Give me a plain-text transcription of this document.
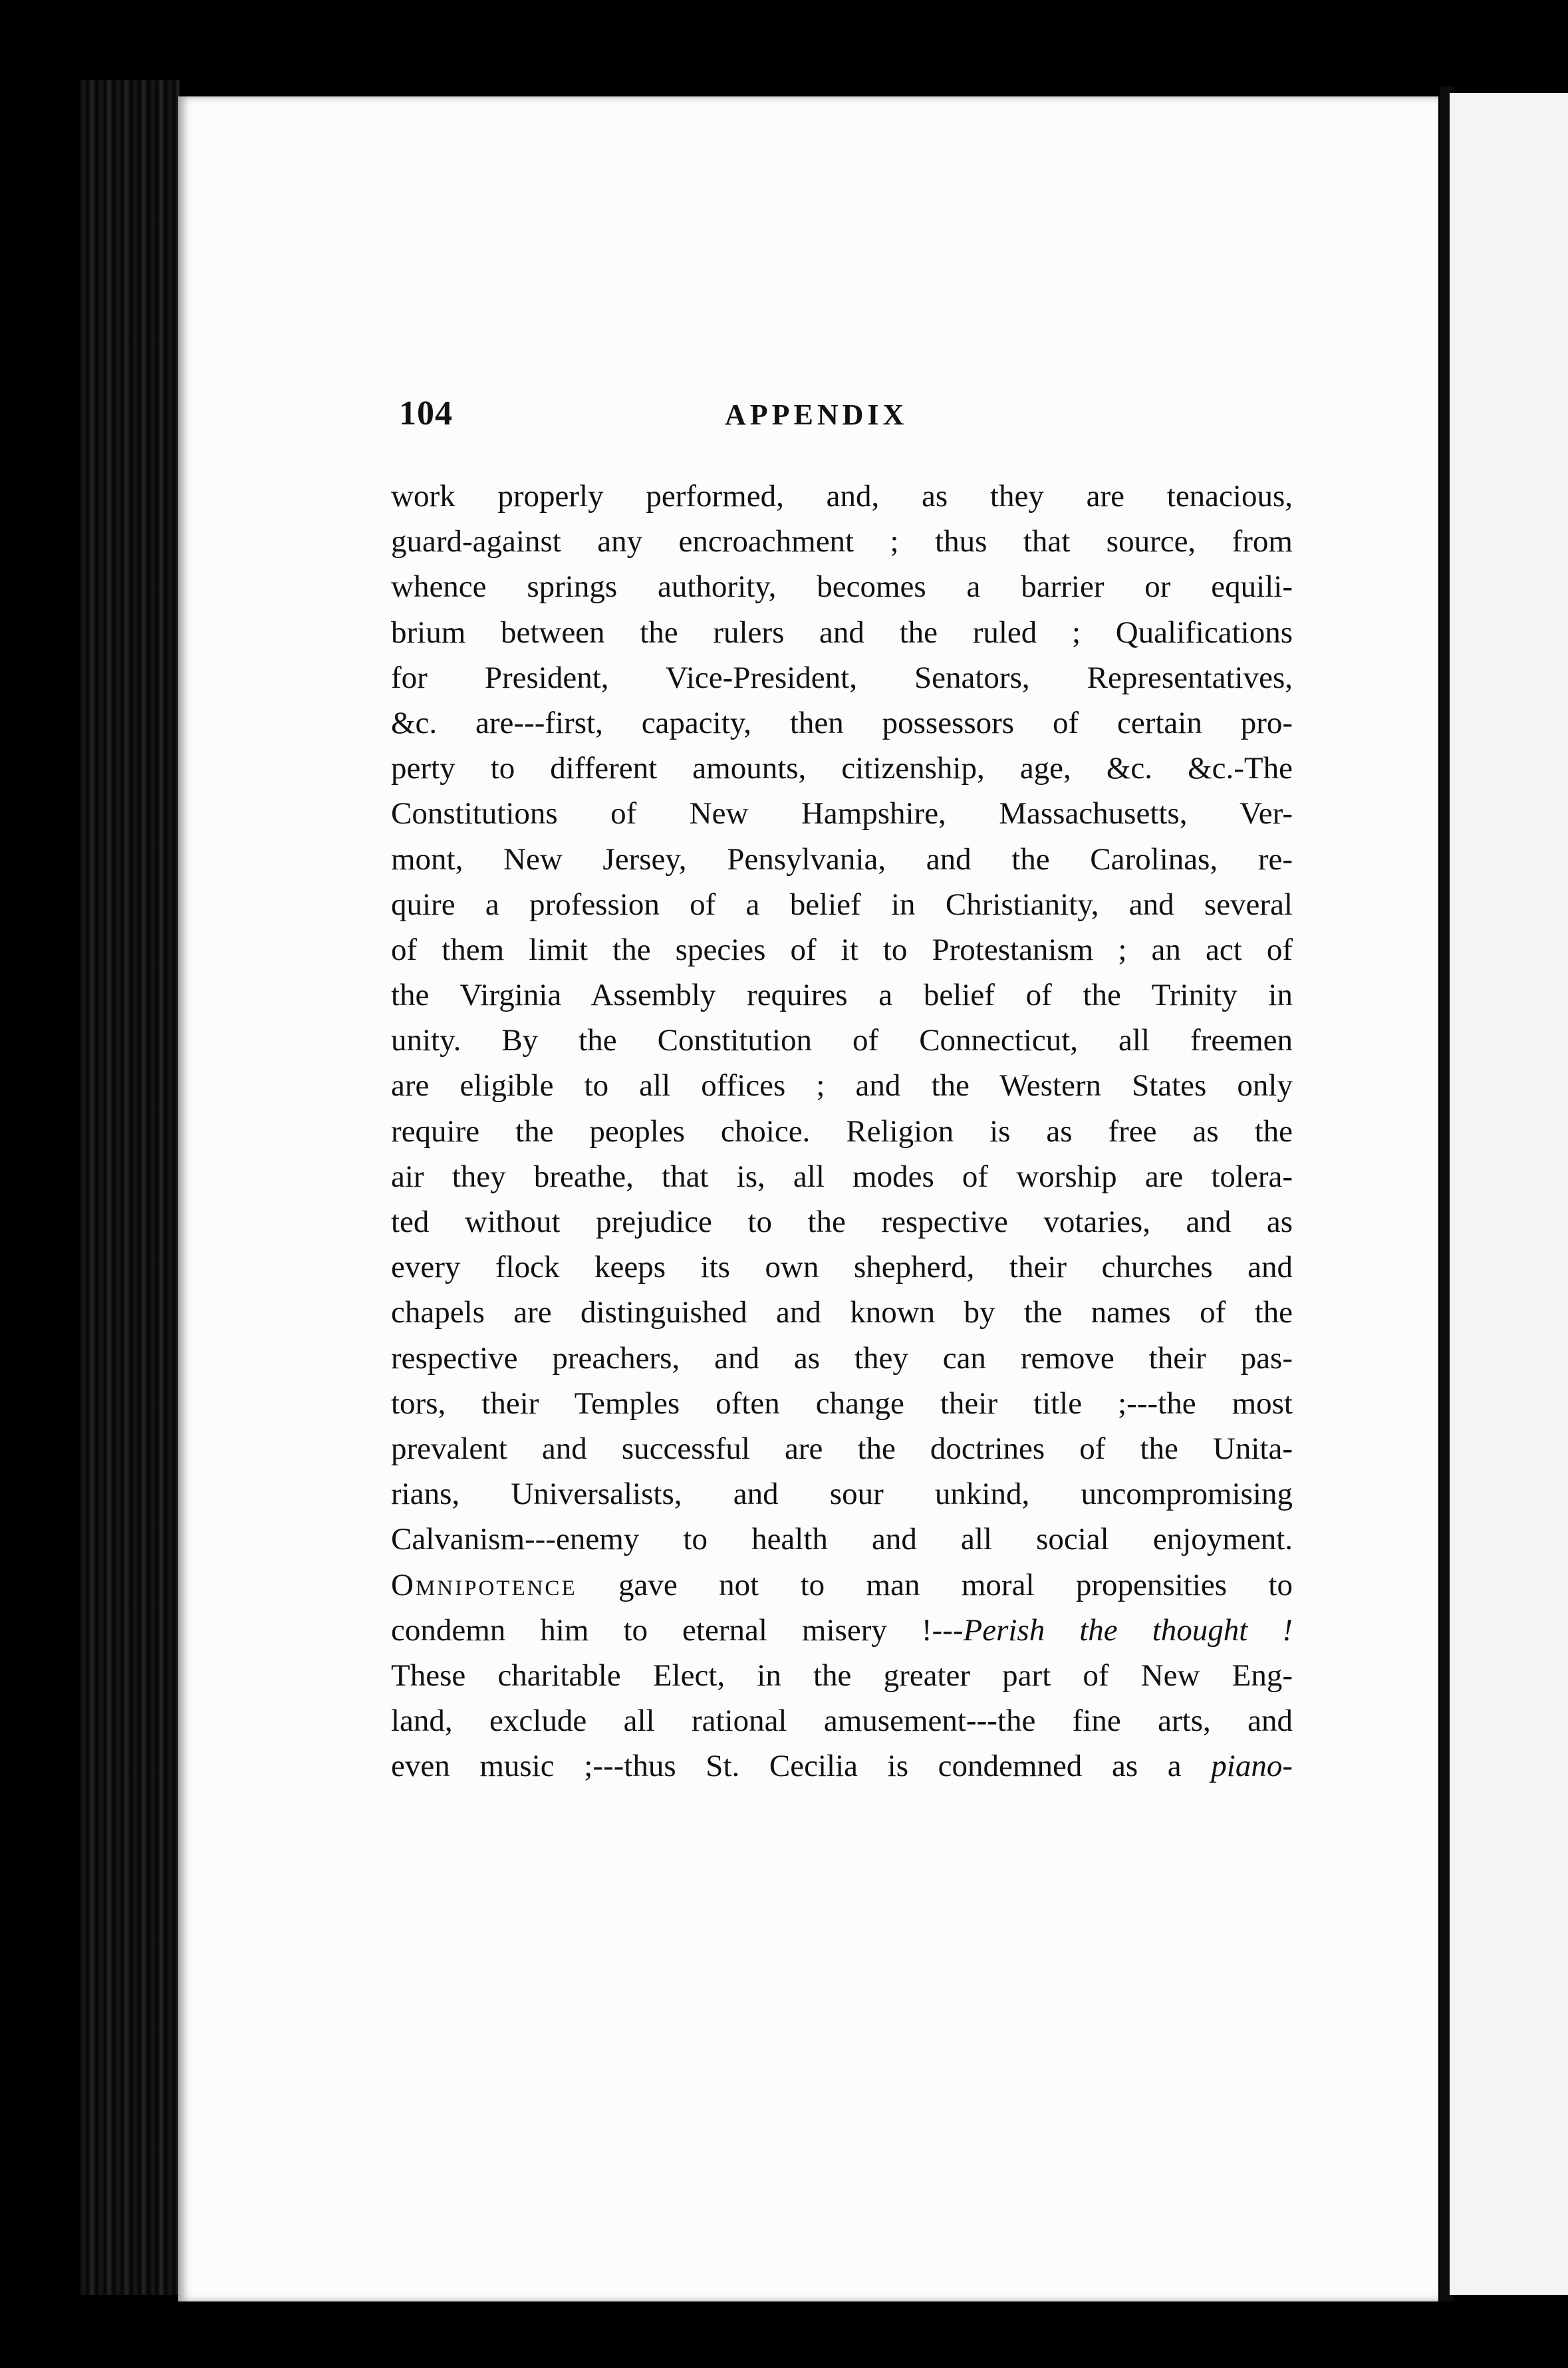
104	APPENDIX
work properly performed, and, as they are tenacious,
guard-against any encroachment ; thus that source, from
whence springs authority, becomes a barrier or equili-
brium between the rulers and the ruled ; Qualifications
for President, Vice-President, Senators, Representatives,
&c. are---first, capacity, then possessors of certain pro-
perty to different amounts, citizenship, age, &c. &c.-The
Constitutions of New Hampshire, Massachusetts, Ver-
mont, New Jersey, Pensylvania, and the Carolinas, re-
quire a profession of a belief in Christianity, and several
of them limit the species of it to Protestanism ; an act of
the Virginia Assembly requires a belief of the Trinity in
unity. By the Constitution of Connecticut, all freemen
are eligible to all offices ; and the Western States only
require the peoples choice. Religion is as free as the
air they breathe, that is, all modes of worship are tolera-
ted without prejudice to the respective votaries, and as
every flock keeps its own shepherd, their churches and
chapels are distinguished and known by the names of the
respective preachers, and as they can remove their pas-
tors, their Temples often change their title ;---the most
prevalent and successful are the doctrines of the Unita-
rians, Universalists, and sour unkind, uncompromising
Calvanism---enemy to health and all social enjoyment.
Omnipotence gave not to man moral propensities to
condemn him to eternal misery !---Perish the thought !
These charitable Elect, in the greater part of New Eng-
land, exclude all rational amusement---the fine arts, and
even music ;---thus St. Cecilia is condemned as a piano-
